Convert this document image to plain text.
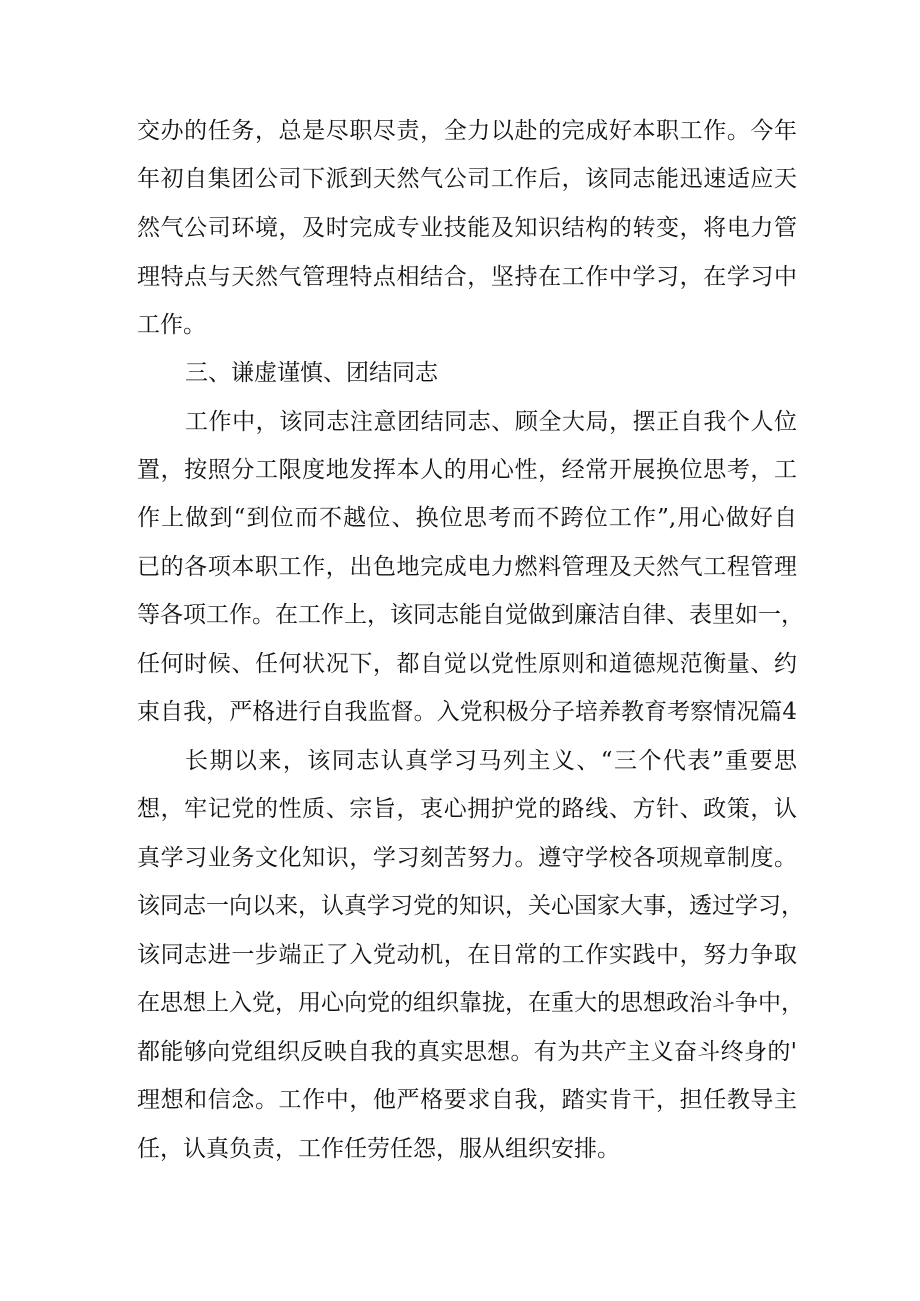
交办的任务，总是尽职尽责，全力以赴的完成好本职工作。今年
年初自集团公司下派到天然气公司工作后，该同志能迅速适应天
然气公司环境，及时完成专业技能及知识结构的转变，将电力管
理特点与天然气管理特点相结合，坚持在工作中学习，在学习中
工作。
三、谦虚谨慎、团结同志
工作中，该同志注意团结同志、顾全大局，摆正自我个人位
置，按照分工限度地发挥本人的用心性，经常开展换位思考，工
作上做到“到位而不越位、换位思考而不跨位工作”,用心做好自
已的各项本职工作，出色地完成电力燃料管理及天然气工程管理
等各项工作。在工作上，该同志能自觉做到廉洁自律、表里如一，
任何时候、任何状况下，都自觉以党性原则和道德规范衡量、约
束自我，严格进行自我监督。入党积极分子培养教育考察情况篇4
长期以来，该同志认真学习马列主义、“三个代表”重要思
想，牢记党的性质、宗旨，衷心拥护党的路线、方针、政策，认
真学习业务文化知识，学习刻苦努力。遵守学校各项规章制度。
该同志一向以来，认真学习党的知识，关心国家大事，透过学习，
该同志进一步端正了入党动机，在日常的工作实践中，努力争取
在思想上入党，用心向党的组织靠拢，在重大的思想政治斗争中，
都能够向党组织反映自我的真实思想。有为共产主义奋斗终身的'
理想和信念。工作中，他严格要求自我，踏实肯干，担任教导主
任，认真负责，工作任劳任怨，服从组织安排。
